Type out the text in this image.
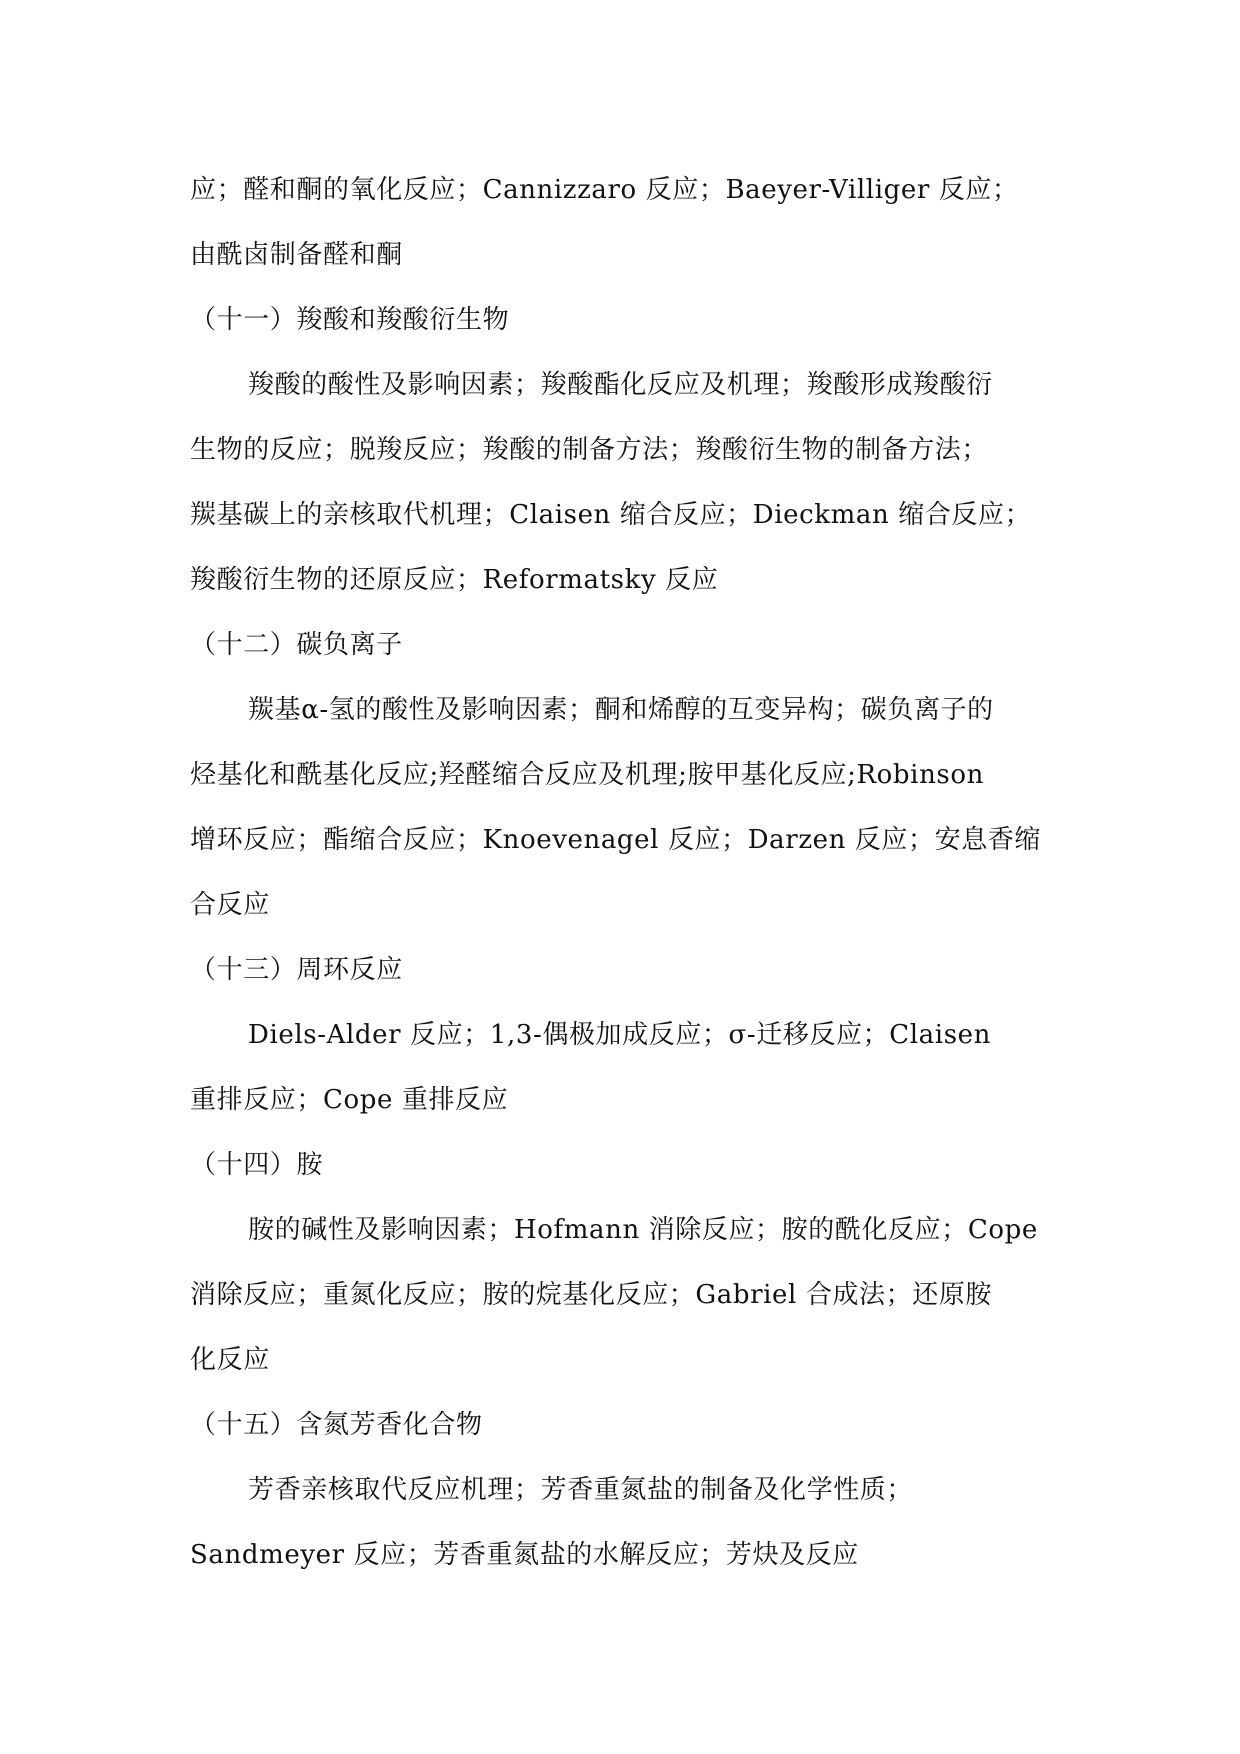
应；醛和酮的氧化反应；Cannizzaro 反应；Baeyer-Villiger 反应；
由酰卤制备醛和酮
（十一）羧酸和羧酸衍生物
羧酸的酸性及影响因素；羧酸酯化反应及机理；羧酸形成羧酸衍
生物的反应；脱羧反应；羧酸的制备方法；羧酸衍生物的制备方法；
羰基碳上的亲核取代机理；Claisen 缩合反应；Dieckman 缩合反应；
羧酸衍生物的还原反应；Reformatsky 反应
（十二）碳负离子
羰基α-氢的酸性及影响因素；酮和烯醇的互变异构；碳负离子的
烃基化和酰基化反应;羟醛缩合反应及机理;胺甲基化反应;Robinson
增环反应；酯缩合反应；Knoevenagel 反应；Darzen 反应；安息香缩
合反应
（十三）周环反应
Diels-Alder 反应；1,3-偶极加成反应；σ-迁移反应；Claisen
重排反应；Cope 重排反应
（十四）胺
胺的碱性及影响因素；Hofmann 消除反应；胺的酰化反应；Cope
消除反应；重氮化反应；胺的烷基化反应；Gabriel 合成法；还原胺
化反应
（十五）含氮芳香化合物
芳香亲核取代反应机理；芳香重氮盐的制备及化学性质；
Sandmeyer 反应；芳香重氮盐的水解反应；芳炔及反应
